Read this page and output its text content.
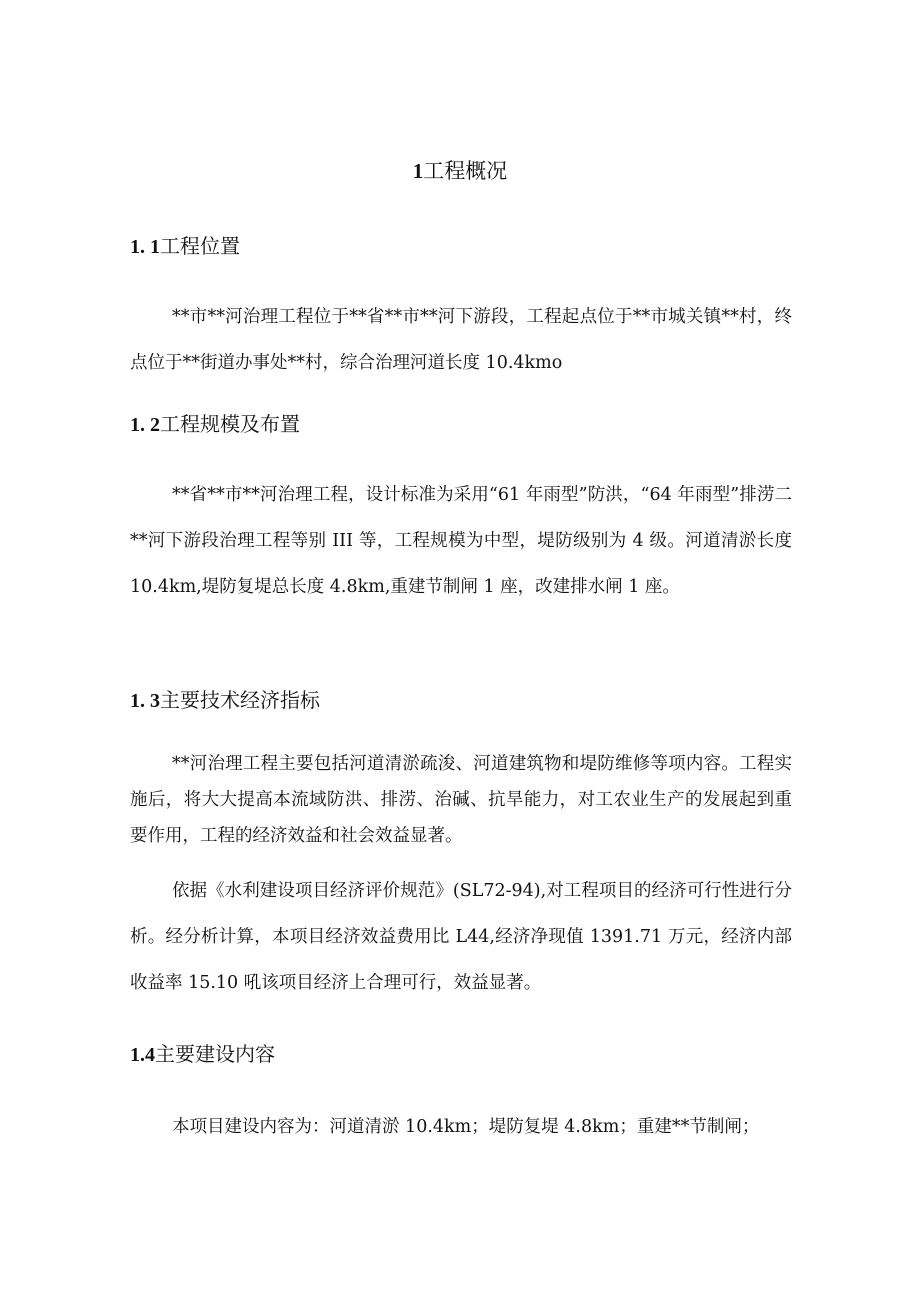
1工程概况
1. 1工程位置

**市**河治理工程位于**省**市**河下游段，工程起点位于**市城关镇**村，终点位于**街道办事处**村，综合治理河道长度 10.4kmo

1. 2工程规模及布置

**省**市**河治理工程，设计标准为采用“61 年雨型”防洪，“64 年雨型”排涝二**河下游段治理工程等别 III 等，工程规模为中型，堤防级别为 4 级。河道清淤长度 10.4km,堤防复堤总长度 4.8km,重建节制闸 1 座，改建排水闸 1 座。

1. 3主要技术经济指标

**河治理工程主要包括河道清淤疏浚、河道建筑物和堤防维修等项内容。工程实施后，将大大提高本流域防洪、排涝、治碱、抗旱能力，对工农业生产的发展起到重要作用，工程的经济效益和社会效益显著。

依据《水利建设项目经济评价规范》(SL72-94),对工程项目的经济可行性进行分析。经分析计算，本项目经济效益费用比 L44,经济净现值 1391.71 万元，经济内部收益率 15.10 吼该项目经济上合理可行，效益显著。

1.4主要建设内容

本项目建设内容为：河道清淤 10.4km；堤防复堤 4.8km；重建**节制闸；
